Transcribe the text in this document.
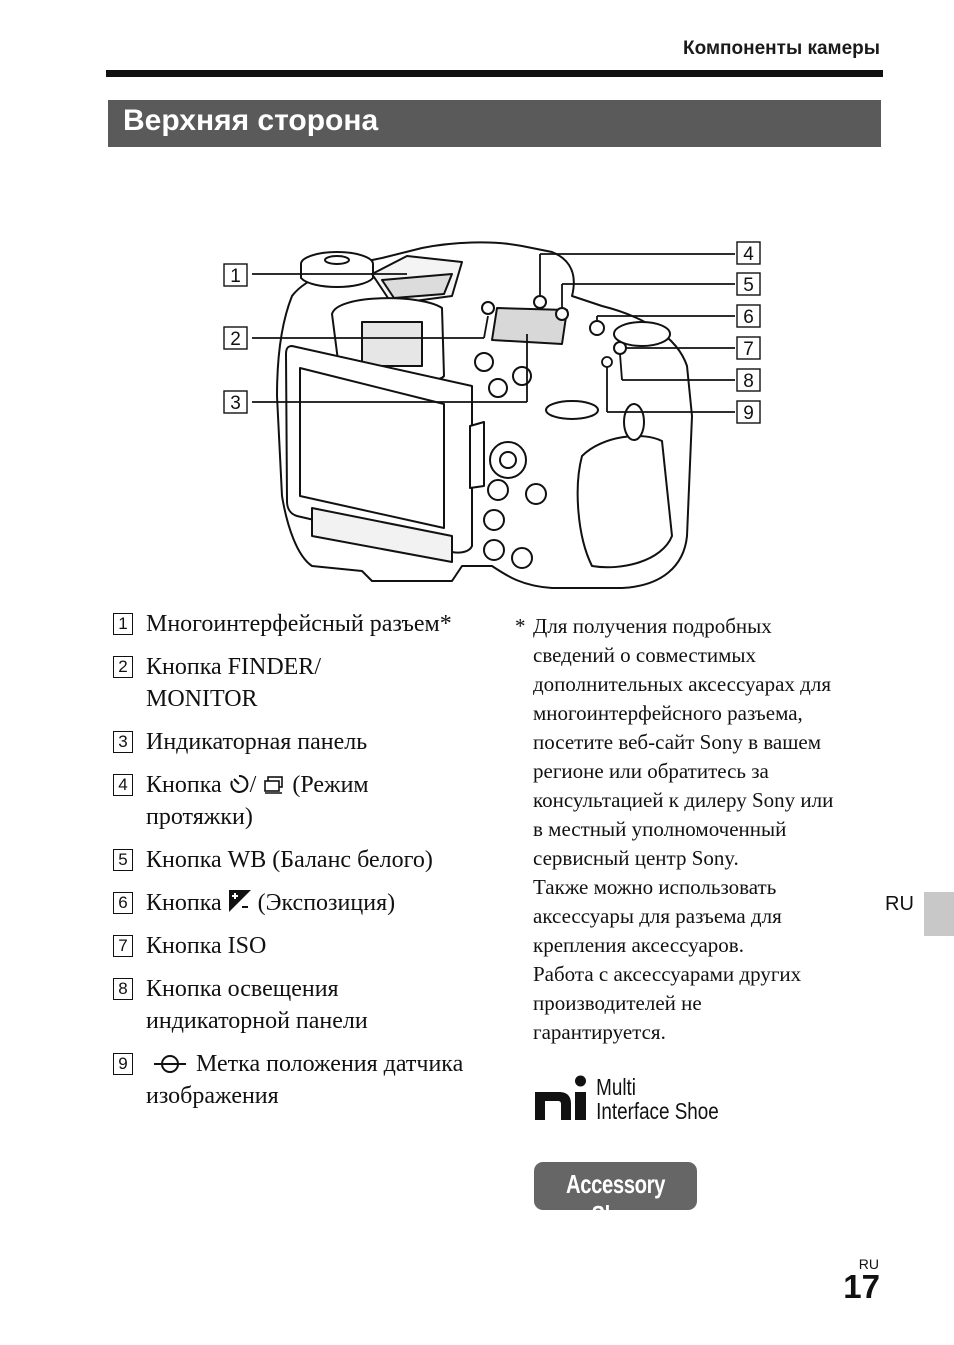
Компоненты камеры
Верхняя сторона
1
2
3
4
5
6
7
8
9
1 Многоинтерфейсный разъем*
2 Кнопка FINDER/
MONITOR
3 Индикаторная панель
4 Кнопка / (Режим
протяжки)
5 Кнопка WB (Баланс белого)
6 Кнопка (Экспозиция)
7 Кнопка ISO
8 Кнопка освещения индикаторной панели
9	Метка положения датчика изображения
* Для получения подробных
сведений о совместимых
дополнительных аксессуарах для
многоинтерфейсного разъема,
посетите веб-сайт Sony в вашем
регионе или обратитесь за
консультацией к дилеру Sony или
в местный уполномоченный
сервисный центр Sony.
Также можно использовать
аксессуары для разъема для
крепления аксессуаров.
Работа с аксессуарами других
производителей не
гарантируется.
Multi
Interface Shoe
Accessory Shoe
RU
RU
17
